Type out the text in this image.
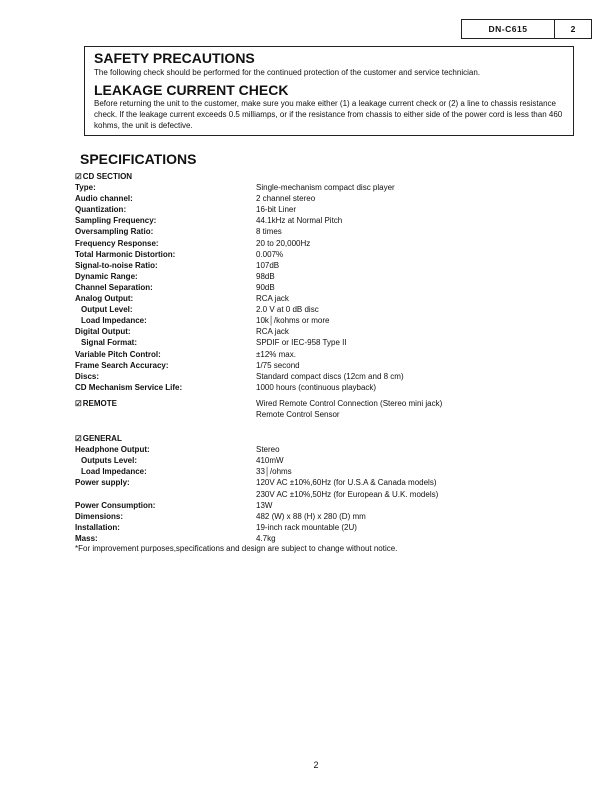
DN-C615	2
SAFETY PRECAUTIONS

The following check should be performed for the continued protection of the customer and service technician.

LEAKAGE CURRENT CHECK

Before returning the unit to the customer, make sure you make either (1) a leakage current check or (2) a line to chassis resistance check. If the leakage current exceeds 0.5 milliamps, or if the resistance from chassis to either side of the power cord is less than 460 kohms, the unit is defective.

SPECIFICATIONS
☑ CD SECTION
Type:	Single-mechanism compact disc player
Audio channel:	2 channel stereo
Quantization:	16-bit Liner
Sampling Frequency:	44.1kHz at Normal Pitch
Oversampling Ratio:	8 times
Frequency Response:	20 to 20,000Hz
Total Harmonic Distortion:	0.007%
Signal-to-noise Ratio:	107dB
Dynamic Range:	98dB
Channel Separation:	90dB
Analog Output:	RCA jack
Output Level:	2.0 V at 0 dB disc
Load Impedance:	10k│/kohms or more
Digital Output:	RCA jack
Signal Format:	SPDIF or IEC-958 Type II
Variable Pitch Control:	±12% max.
Frame Search Accuracy:	1/75 second
Discs:	Standard compact discs (12cm and 8 cm)
CD Mechanism Service Life:	1000 hours (continuous playback)
☑ REMOTE	Wired Remote Control Connection (Stereo mini jack)
Remote Control Sensor
☑ GENERAL
Headphone Output:	Stereo
Outputs Level:	410mW
Load Impedance:	33│/ohms
Power supply:	120V AC ±10%,60Hz (for U.S.A & Canada models)
230V AC ±10%,50Hz (for European & U.K. models)
Power Consumption:	13W
Dimensions:	482 (W) x 88 (H) x 280 (D) mm
Installation:	19-inch rack mountable (2U)
Mass:	4.7kg
*For improvement purposes,specifications and design are subject to change without notice.
2
